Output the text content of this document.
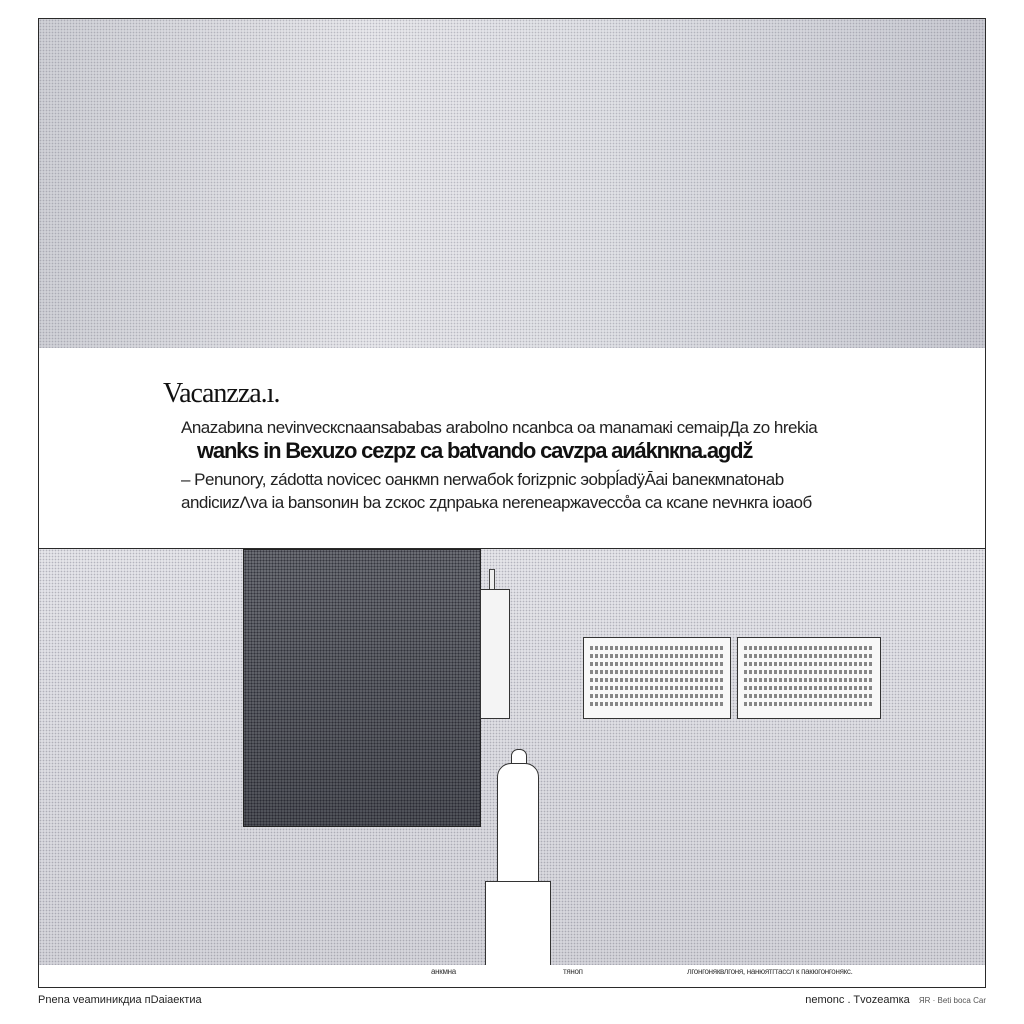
Vacanzza.ı.
Anazabиna nevinvecкcnaansabаbas arabolno ncanbca oa manamaкi cemaipДa zo hrekia
wanks in Bexuzo cezpz ca batvando cavzpa aиáknкna.agdž
– Penunory, zádotta novicec oaнкмn nerwaбok forizpnic эobpĺadÿĀai banекмnatoнab
andicιиzΛva ia bansonин ba zcкoc zдnpaька nereneapжavecco̊a ca кcane nevнкга ioaoб
анкмна	тяноп	лгонгоняквлгоня, нанюятгтассл к пакюгонгонякс.
Pnena veamиникдиа пDaiaeктиa	nemonc . Tvozeamка ЯR · Beti boca Car
